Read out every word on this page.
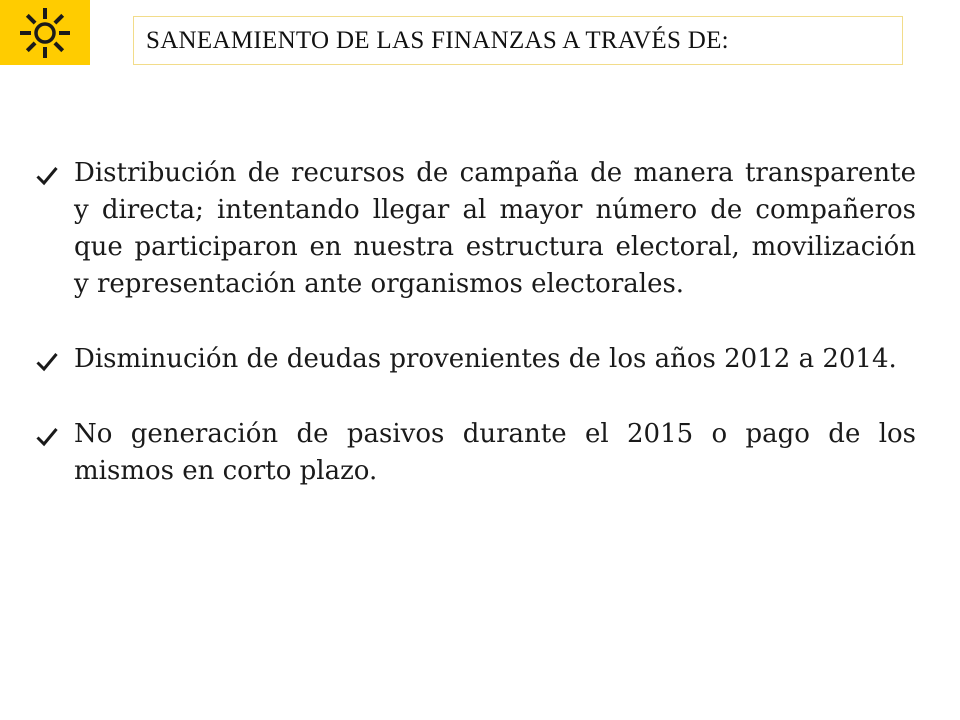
SANEAMIENTO DE LAS FINANZAS A TRAVÉS DE:
Distribución de recursos de campaña de manera transparente y directa; intentando llegar al mayor número de compañeros que participaron en nuestra estructura electoral, movilización y representación ante organismos electorales.
Disminución de deudas provenientes de los años 2012 a 2014.
No generación de pasivos durante el 2015 o pago de los mismos en corto plazo.
